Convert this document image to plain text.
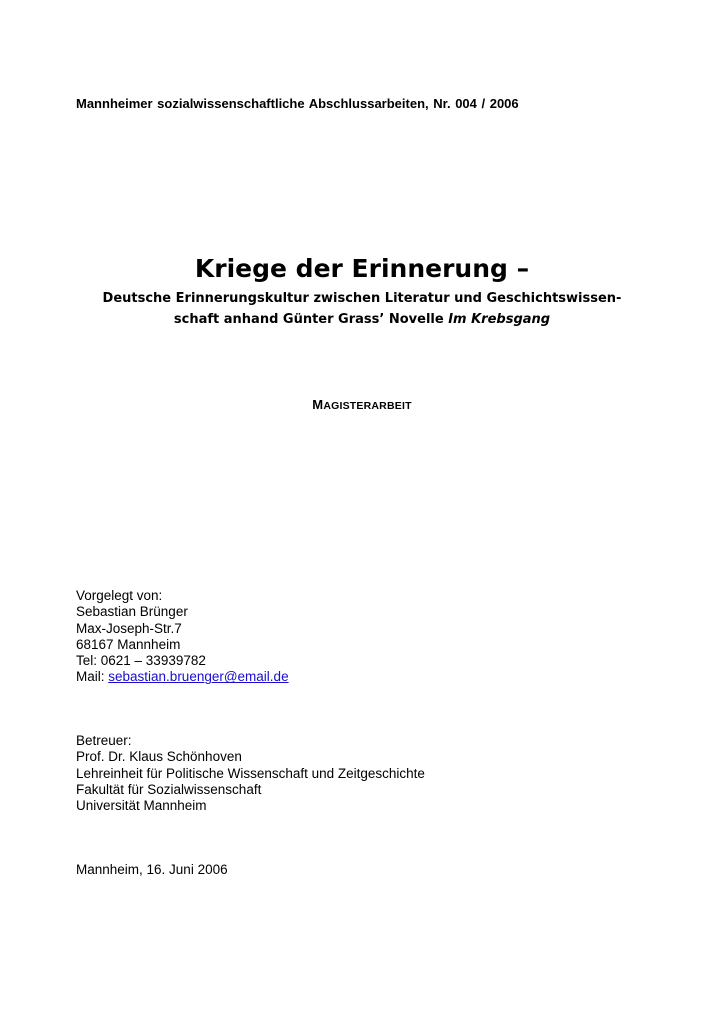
Mannheimer sozialwissenschaftliche Abschlussarbeiten, Nr. 004 / 2006
Kriege der Erinnerung –

Deutsche Erinnerungskultur zwischen Literatur und Geschichtswissen-

schaft anhand Günter Grass’ Novelle Im Krebsgang

MAGISTERARBEIT
Vorgelegt von:
Sebastian Brünger
Max-Joseph-Str.7
68167 Mannheim
Tel: 0621 – 33939782
Mail: sebastian.bruenger@email.de
Betreuer:
Prof. Dr. Klaus Schönhoven
Lehreinheit für Politische Wissenschaft und Zeitgeschichte
Fakultät für Sozialwissenschaft
Universität Mannheim
Mannheim, 16. Juni 2006
